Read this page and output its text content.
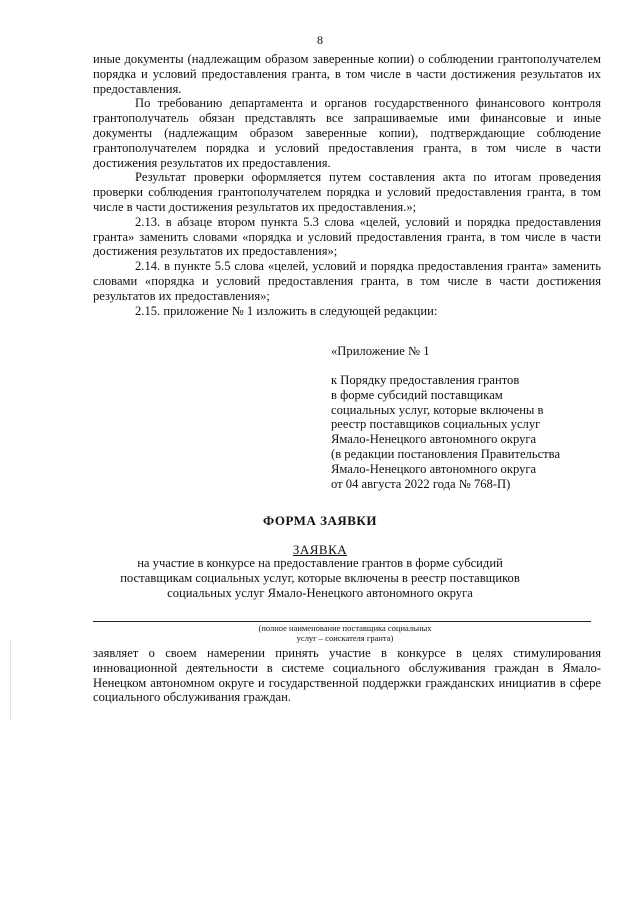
8

иные документы (надлежащим образом заверенные копии) о соблюдении грантополучателем порядка и условий предоставления гранта, в том числе в части достижения результатов их предоставления.

По требованию департамента и органов государственного финансового контроля грантополучатель обязан представлять все запрашиваемые ими финансовые и иные документы (надлежащим образом заверенные копии), подтверждающие соблюдение грантополучателем порядка и условий предоставления гранта, в том числе в части достижения результатов их предоставления.

Результат проверки оформляется путем составления акта по итогам проведения проверки соблюдения грантополучателем порядка и условий предоставления гранта, в том числе в части достижения результатов их предоставления.»;

2.13. в абзаце втором пункта 5.3 слова «целей, условий и порядка предоставления гранта» заменить словами «порядка и условий предоставления гранта, в том числе в части достижения результатов их предоставления»;

2.14. в пункте 5.5 слова «целей, условий и порядка предоставления гранта» заменить словами «порядка и условий предоставления гранта, в том числе в части достижения результатов их предоставления»;

2.15. приложение № 1 изложить в следующей редакции:

«Приложение № 1
к Порядку предоставления грантов
в форме субсидий поставщикам
социальных услуг, которые включены в
реестр поставщиков социальных услуг
Ямало-Ненецкого автономного округа
(в редакции постановления Правительства
Ямало-Ненецкого автономного округа
от 04 августа 2022 года № 768-П)
ФОРМА ЗАЯВКИ
ЗАЯВКА
на участие в конкурсе на предоставление грантов в форме субсидий поставщикам социальных услуг, которые включены в реестр поставщиков социальных услуг Ямало-Ненецкого автономного округа
(полное наименование поставщика социальных
услуг – соискателя гранта)

заявляет о своем намерении принять участие в конкурсе в целях стимулирования инновационной деятельности в системе социального обслуживания граждан в Ямало-Ненецком автономном округе и государственной поддержки гражданских инициатив в сфере социального обслуживания граждан.
